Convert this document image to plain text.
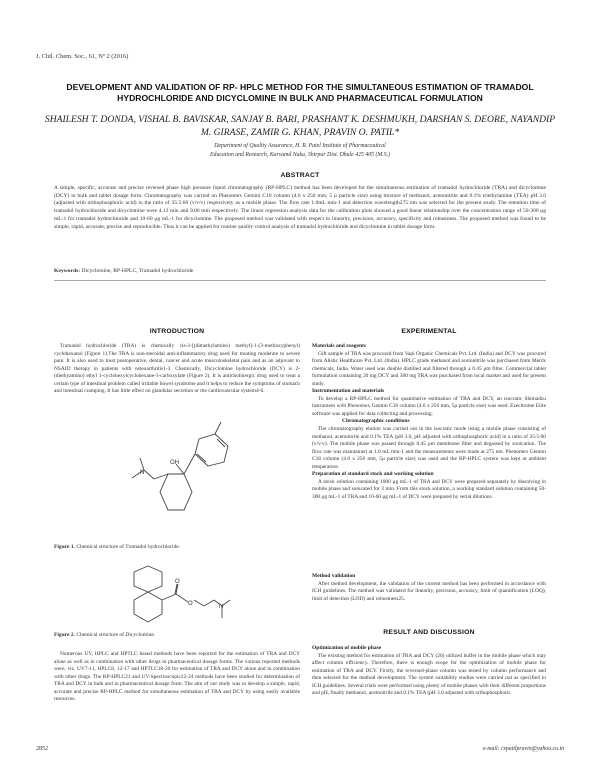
J. Chil. Chem. Soc., 61, Nº 2 (2016)
DEVELOPMENT AND VALIDATION OF RP- HPLC METHOD FOR THE SIMULTANEOUS ESTIMATION OF TRAMADOL HYDROCHLORIDE AND DICYCLOMINE IN BULK AND PHARMACEUTICAL FORMULATION
SHAILESH T. DONDA, VISHAL B. BAVISKAR, SANJAY B. BARI, PRASHANT K. DESHMUKH, DARSHAN S. DEORE, NAYANDIP M. GIRASE, ZAMIR G. KHAN, PRAVIN O. PATIL*
Department of Quality Assurance, H. R. Patel Institute of Pharmaceutical
Education and Research, Karwand Naka, Shirpur Dist. Dhule 425 405 (M.S.)
ABSTRACT
A simple, specific, accurate and precise reversed phase high pressure liquid chromatography (RP-HPLC) method has been developed for the simultaneous estimation of tramadol hydrochloride (TRA) and dicyclomine (DCY) in bulk and tablet dosage form. Chromatography was carried on Phenomex Gemini C18 column (4.6 x 250 mm, 5 μ particle size) using mixture of methanol, acetonitrile and 0.1% triethylamine (TEA) pH 3.0 (adjusted with orthophosphoric acid) in the ratio of 35:5:60 (v/v/v) respectively as a mobile phase. The flow rate 1.0mL min-1 and detection wavelength275 nm was selected for the present study. The retention time of tramadol hydrochloride and dicyclomine were 4.13 min and 9.06 min respectively. The linear regression analysis data for the calibration plots showed a good linear relationship over the concentration range of 50-300 μg mL-1 for tramadol hydrochloride and 10-60 μg mL-1 for dicyclomine. The proposed method was validated with respect to linearity, precision, accuracy, specificity and robustness. The proposed method was found to be simple, rapid, accurate, precise and reproducible. Thus it can be applied for routine quality control analysis of tramadol hydrochloride and dicyclomine in tablet dosage form.
Keywords: Dicyclomine, RP-HPLC, Tramadol hydrochloride
INTRODUCTION
Tramadol hydrochloride (TRA) is chemically cis-2-[(dimethylamino) methyl]-1-(3-methoxyphenyl) cyclohexanol (Figure 1).The TRA is non-steroidal anti-inflammatory drug used for treating moderate to severe pain. It is also used to treat postoperative, dental, cancer and acute musculoskeletal pain and as an adjuvant to NSAID therapy in patients with osteoarthritis1-3. Chemically, Dicyclomine hydrochloride (DCY) is 2-(diethyamino) ethyl 1-cyclohexylcyclohexane-1-carboxylate (Figure 2). It is anticholinergic drug used to treat a certain type of intestinal problem called irritable bowel syndrome and it helps to reduce the symptoms of stomach and intestinal cramping. It has little effect on glandular secretion or the cardiovascular system4-6.
OH
N
Figure 1. Chemical structure of Tramadol hydrochloride.
O
O	N
Figure 2. Chemical structure of Dicyclomine.
Numerous UV, HPLC and HPTLC based methods have been reported for the estimation of TRA and DCY alone as well as in combination with other drugs in pharmaceutical dosage forms. The various reported methods were, viz. UV7-11, HPLC8, 12-17 and HPTLC18-20 for estimation of TRA and DCY alone and in combination with other drugs. The RP-HPLC21 and UV-Spectroscopic22-24 methods have been studied for determination of TRA and DCY in bulk and in pharmaceutical dosage form. The aim of our study was to develop a simple, rapid, accurate and precise RP-HPLC method for simultaneous estimation of TRA and DCY by using easily available resources.
EXPERIMENTAL
Materials and reagents
Gift sample of TRA was procured from Vapi Organic Chemicals Pvt. Ltd. (India) and DCY was procured from Alistic Healthcare Pvt. Ltd. (India). HPLC grade methanol and acetonitrile was purchased from Merck chemicals, India. Water used was double distilled and filtered through a 0.45 μm filter. Commercial tablet formulation containing 20 mg DCY and 300 mg TRA was purchased from local market and used for present study.
Instrumentation and materials
To develop a RP-HPLC method for quantitative estimation of TRA and DCY, an isocratic Shimadzu instrument with Phenomex Gemini C18 column (4.6 x 250 mm, 5μ particle size) was used. Ezechrome Elite software was applied for data collecting and processing.
Chromatographic conditions
The chromatography elution was carried out in the isocratic mode using a mobile phase consisting of methanol, acetonitrile and 0.1% TEA (pH 3.0, pH adjusted with orthophosphoric acid) in a ratio of 35:5:60 (v/v/v). The mobile phase was passed through 0.45 μm membrane filter and degassed by sonication. The flow rate was maintained at 1.0 mL min-1 and the measurements were made at 275 nm. Phenomex Gemini C18 column (4.6 x 250 mm, 5μ particle size) was used and the RP-HPLC system was kept at ambient temperature.
Preparation of standard stock and working solution
A stock solution containing 1000 μg mL-1 of TRA and DCY were prepared separately by dissolving in mobile phase and sonicated for 3 min. From this stock solution, a working standard solution containing 50-300 μg mL-1 of TRA and 10-60 μg mL-1 of DCY were prepared by serial dilutions.
Method validation
After method development, the validation of the current method has been performed in accordance with ICH guidelines. The method was validated for linearity, precision, accuracy, limit of quantification (LOQ), limit of detection (LOD) and robustness25.
RESULT AND DISCUSSION
Optimization of mobile phase
The existing method for estimation of TRA and DCY (26) utilized buffer in the mobile phase which may affect column efficiency. Therefore, there is enough scope for the optimization of mobile phase for estimation of TRA and DCY. Firstly, the reversed-phase column was tested by column performance and then selected for the method development. The system suitability studies were carried out as specified in ICH guidelines. Several trials were performed using plenty of mobile phases with their different proportions and pH, finally methanol, acetonitrile and 0.1% TEA (pH 3.0 adjusted with orthophosphoric
2852	e-mail: rxpatilpravin@yahoo.co.in
